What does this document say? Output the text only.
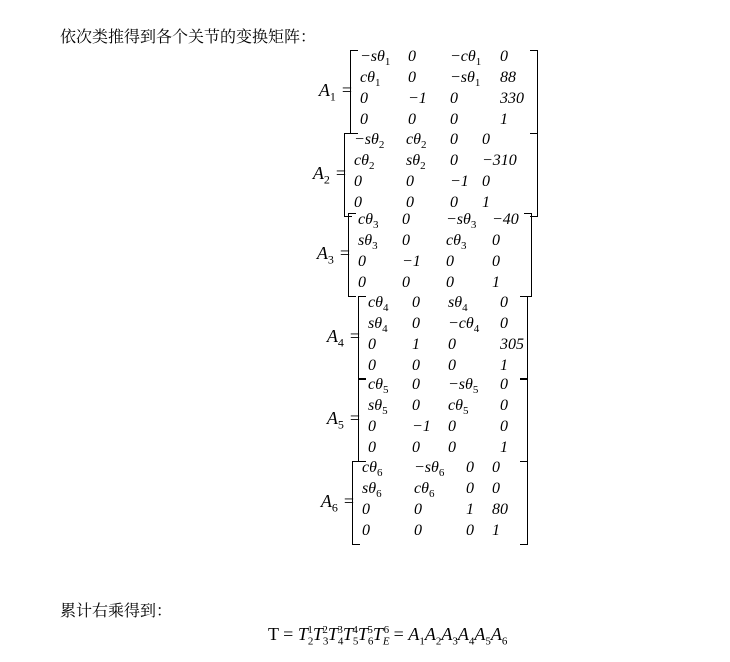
依次类推得到各个关节的变换矩阵：
$A_1$ =
$-s\theta_1$ $0 -c\theta_1$ 0
$c\theta_1$ $0 -s\theta_1$ 88
0	−1 0	330
0	0 0	1
$A_2$ =
$-s\theta_2$ $c\theta_2$ 0 0
$c\theta_2$ $s\theta_2$ 0 −310
0	0 −1 0
0	0 0 1
$A_3$ =
$c\theta_3$ $0 -s\theta_3 -40$
$s\theta_3$ 0 $c\theta_3$ 0
0 −1 0 0
0 0 0 1
$A_4$ =
$c\theta_4$ 0 $s\theta_4$ 0
$s\theta_4$ $0 -c\theta_4$ 0
0 1 0	305
0 0 0	1
$A_5$ =
$c\theta_5$ $0 -s\theta_5$ 0
$s\theta_5$ 0 $c\theta_5$ 0
0 −1 0	0
0 0 0	1
$A_6$ =
$c\theta_6 -s\theta_6$ 0 0
$s\theta_6$ $c\theta_6$ 0 0
0	0	1 80
0	0	0 1
累计右乘得到：
$T = T_2^1T_3^2T_4^3T_5^4T_6^5T_E^6 = A_1A_2A_3A_4A_5A_6$
